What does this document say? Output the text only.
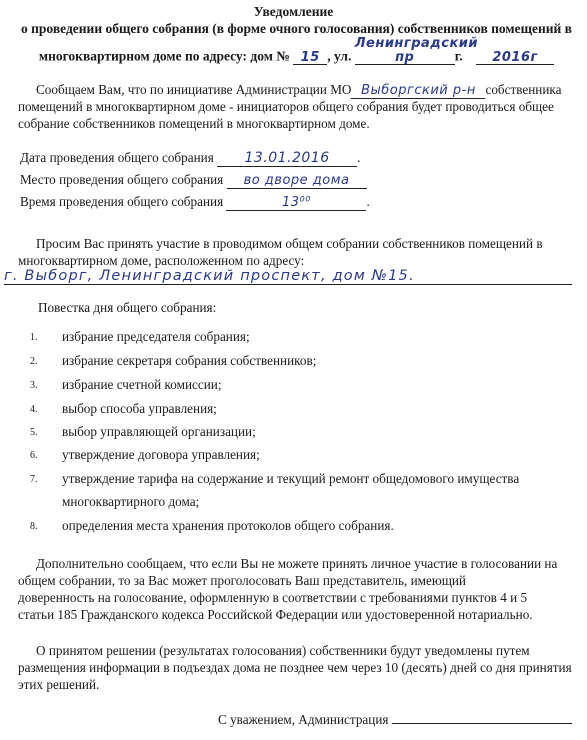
Уведомление
о проведении общего собрания (в форме очного голосования) собственников помещений в
многоквартирном доме по адресу: дом № 15 , ул. Ленинградский пр	г. 2016г
Сообщаем Вам, что по инициативе Администрации МО Выборгский р-н собственника
помещений в многоквартирном доме - инициаторов общего собрания будет проводиться общее
собрание собственников помещений в многоквартирном доме.
Дата проведения общего собрания 13.01.2016 .
Место проведения общего собрания во дворе дома
Время проведения общего собрания	13⁰⁰	.
Просим Вас принять участие в проводимом общем собрании собственников помещений в
многоквартирном доме, расположенном по адресу:
г. Выборг, Ленинградский проспект, дом №15.
Повестка дня общего собрания:
1. избрание председателя собрания;
2. избрание секретаря собрания собственников;
3. избрание счетной комиссии;
4. выбор способа управления;
5. выбор управляющей организации;
6. утверждение договора управления;
7. утверждение тарифа на содержание и текущий ремонт общедомового имущества
многоквартирного дома;
8. определения места хранения протоколов общего собрания.
Дополнительно сообщаем, что если Вы не можете принять личное участие в голосовании на
общем собрании, то за Вас может проголосовать Ваш представитель, имеющий
доверенность на голосование, оформленную в соответствии с требованиями пунктов 4 и 5
статьи 185 Гражданского кодекса Российской Федерации или удостоверенной нотариально.
О принятом решении (результатах голосования) собственники будут уведомлены путем
размещения информации в подъездах дома не позднее чем через 10 (десять) дней со дня принятия
этих решений.
С уважением, Администрация
